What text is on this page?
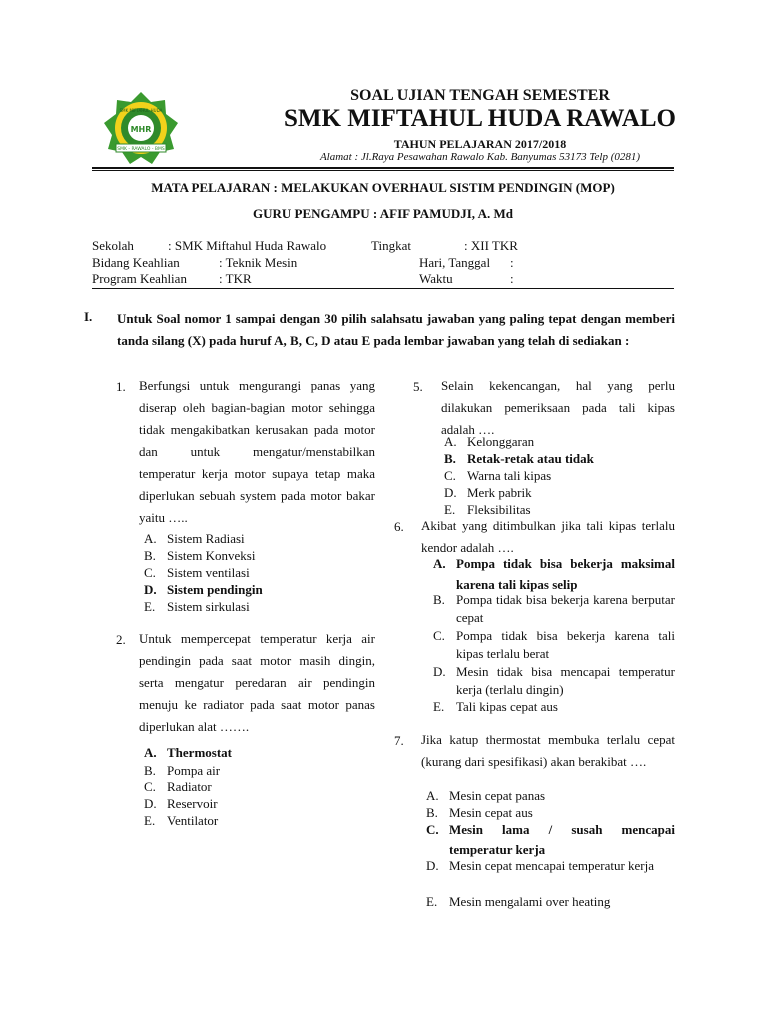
MHR
SMK - RAWALO - BMS
SMK MIFTAHUL HUDA
SOAL UJIAN TENGAH SEMESTER
SMK MIFTAHUL HUDA RAWALO
TAHUN PELAJARAN 2017/2018
Alamat : Jl.Raya Pesawahan Rawalo Kab. Banyumas 53173 Telp (0281)
MATA PELAJARAN : MELAKUKAN OVERHAUL SISTIM PENDINGIN (MOP)
GURU PENGAMPU : AFIF PAMUDJI, A. Md
Sekolah	: SMK Miftahul Huda Rawalo	Tingkat	: XII TKR
Bidang Keahlian	: Teknik Mesin	Hari, Tanggal :
Program Keahlian : TKR	Waktu	:
I. Untuk Soal nomor 1 sampai dengan 30 pilih salahsatu jawaban yang paling tepat dengan memberi tanda silang (X) pada huruf A, B, C, D atau E pada lembar jawaban yang telah di sediakan :
1. Berfungsi untuk mengurangi panas yang diserap oleh bagian-bagian motor sehingga tidak mengakibatkan kerusakan pada motor dan untuk mengatur/menstabilkan temperatur kerja motor supaya tetap maka diperlukan sebuah system pada motor bakar yaitu …..
A. Sistem Radiasi
B. Sistem Konveksi
C. Sistem ventilasi
D. Sistem pendingin
E. Sistem sirkulasi
2. Untuk mempercepat temperatur kerja air pendingin pada saat motor masih dingin, serta mengatur peredaran air pendingin menuju ke radiator pada saat motor panas diperlukan alat …….
A. Thermostat
B. Pompa air
C. Radiator
D. Reservoir
E. Ventilator
5. Selain kekencangan, hal yang perlu dilakukan pemeriksaan pada tali kipas adalah ….
A. Kelonggaran
B. Retak-retak atau tidak
C. Warna tali kipas
D. Merk pabrik
E. Fleksibilitas
6. Akibat yang ditimbulkan jika tali kipas terlalu kendor adalah ….
A. Pompa tidak bisa bekerja maksimal karena tali kipas selip
B. Pompa tidak bisa bekerja karena berputar cepat
C. Pompa tidak bisa bekerja karena tali kipas terlalu berat
D. Mesin tidak bisa mencapai temperatur kerja (terlalu dingin)
E. Tali kipas cepat aus
7. Jika katup thermostat membuka terlalu cepat (kurang dari spesifikasi) akan berakibat ….
A. Mesin cepat panas
B. Mesin cepat aus
C. Mesin lama / susah mencapai temperatur kerja
D. Mesin cepat mencapai temperatur kerja
E. Mesin mengalami over heating
